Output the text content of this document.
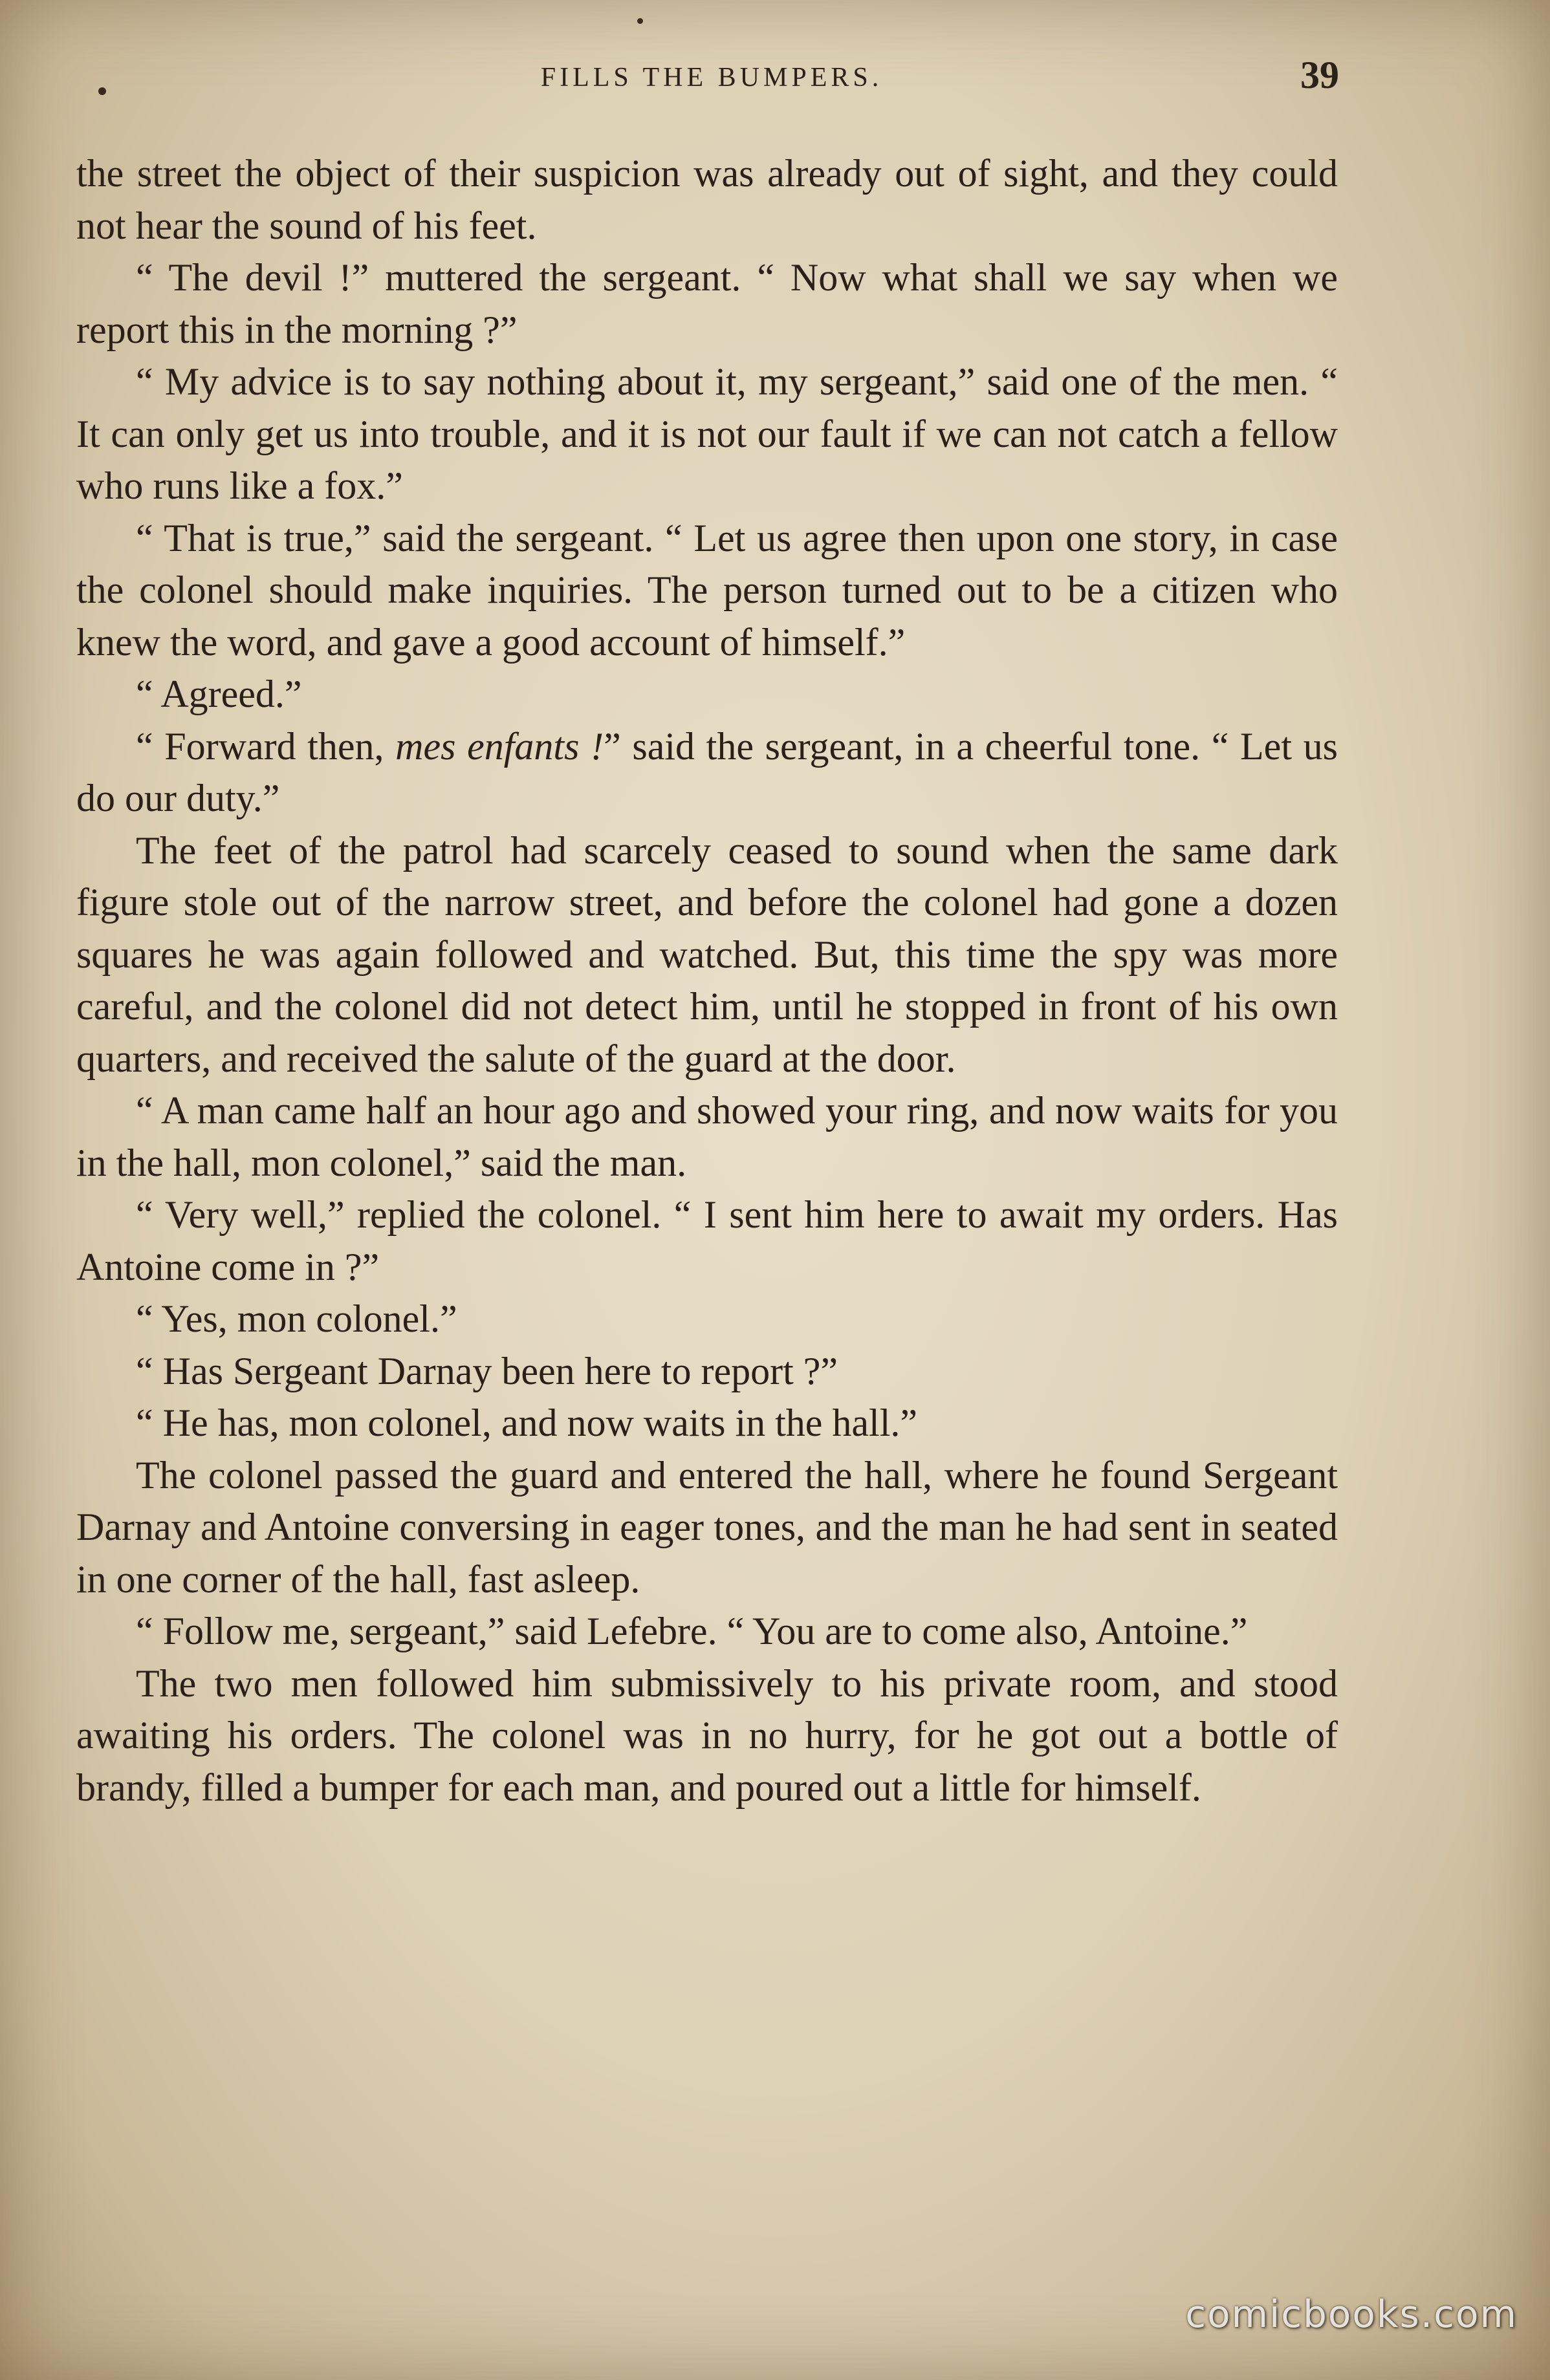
FILLS THE BUMPERS.	39

the street the object of their suspicion was already out of sight, and they could not hear the sound of his feet.

“ The devil !” muttered the sergeant. “ Now what shall we say when we report this in the morning ?”

“ My advice is to say nothing about it, my sergeant,” said one of the men. “ It can only get us into trouble, and it is not our fault if we can not catch a fellow who runs like a fox.”

“ That is true,” said the sergeant. “ Let us agree then upon one story, in case the colonel should make inquiries. The person turned out to be a citizen who knew the word, and gave a good account of himself.”

“ Agreed.”

“ Forward then, mes enfants !” said the sergeant, in a cheerful tone. “ Let us do our duty.”

The feet of the patrol had scarcely ceased to sound when the same dark figure stole out of the narrow street, and before the colonel had gone a dozen squares he was again followed and watched. But, this time the spy was more careful, and the colonel did not detect him, until he stopped in front of his own quarters, and received the salute of the guard at the door.

“ A man came half an hour ago and showed your ring, and now waits for you in the hall, mon colonel,” said the man.

“ Very well,” replied the colonel. “ I sent him here to await my orders. Has Antoine come in ?”

“ Yes, mon colonel.”

“ Has Sergeant Darnay been here to report ?”

“ He has, mon colonel, and now waits in the hall.”

The colonel passed the guard and entered the hall, where he found Sergeant Darnay and Antoine conversing in eager tones, and the man he had sent in seated in one corner of the hall, fast asleep.

“ Follow me, sergeant,” said Lefebre. “ You are to come also, Antoine.”

The two men followed him submissively to his private room, and stood awaiting his orders. The colonel was in no hurry, for he got out a bottle of brandy, filled a bumper for each man, and poured out a little for himself.

comicbooks.com
